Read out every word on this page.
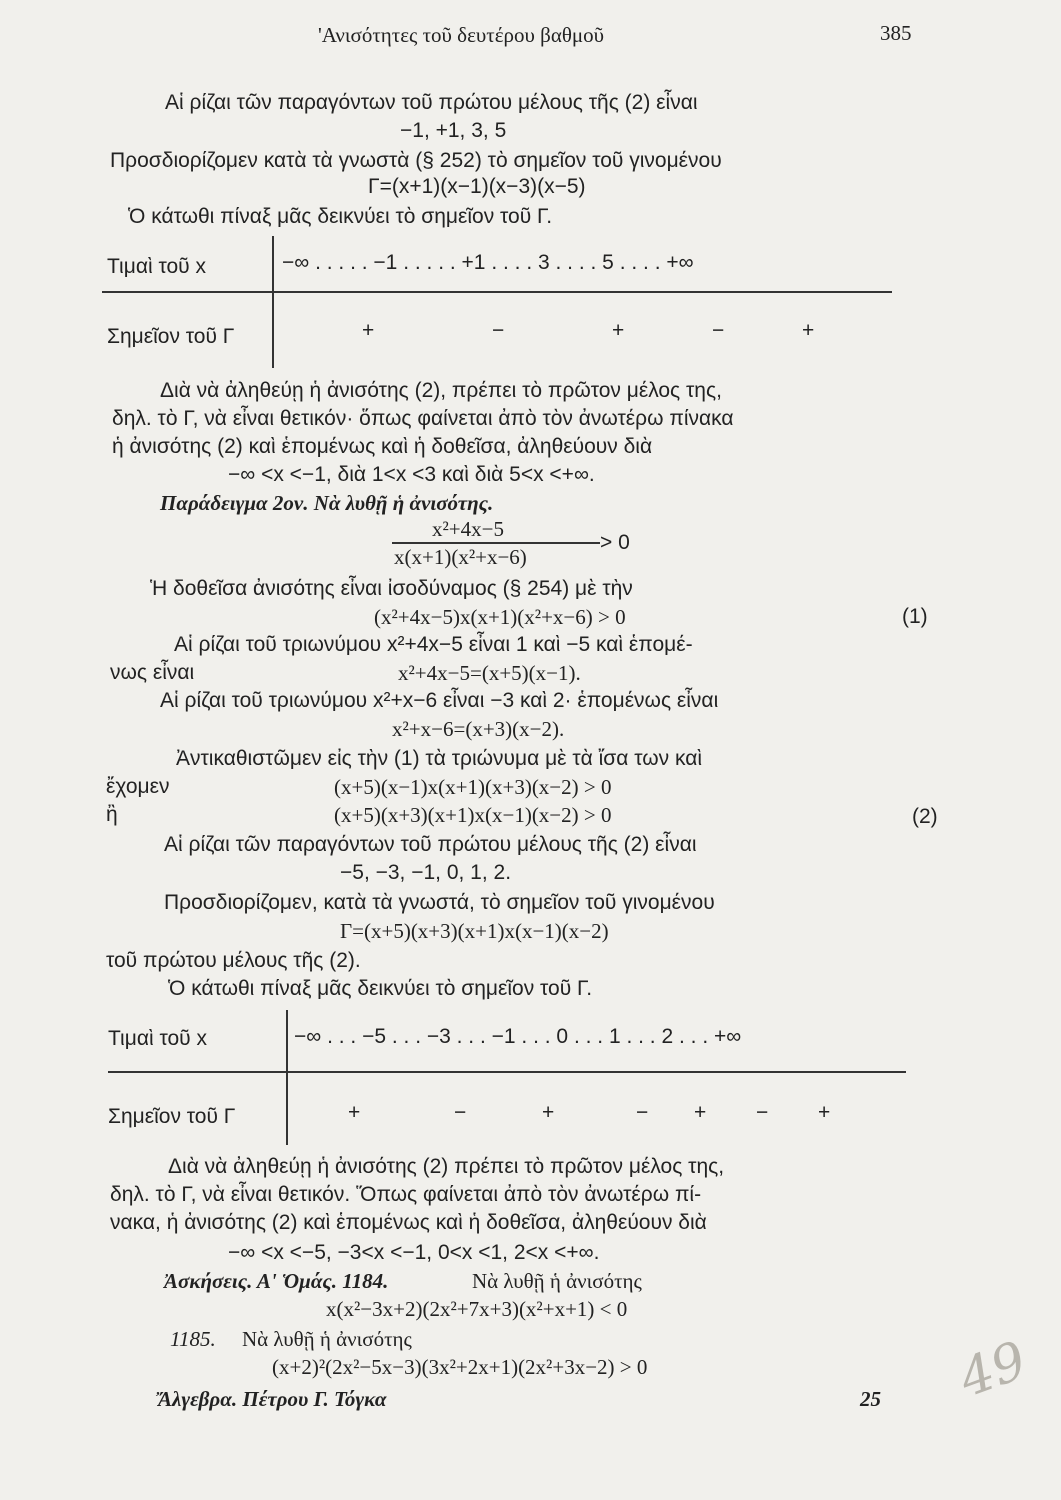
'Ανισότητες τοῦ δευτέρου βαθμοῦ	385
Αἱ ρίζαι τῶν παραγόντων τοῦ πρώτου μέλους τῆς (2) εἶναι
−1, +1, 3, 5
Προσδιορίζομεν κατὰ τὰ γνωστὰ (§ 252) τὸ σημεῖον τοῦ γινομένου
Γ=(x+1)(x−1)(x−3)(x−5)
Ὁ κάτωθι πίναξ μᾶς δεικνύει τὸ σημεῖον τοῦ Γ.
Τιμαὶ τοῦ x	−∞ . . . . . −1 . . . . . +1 . . . . 3 . . . . 5 . . . . +∞
Σημεῖον τοῦ Γ	+	−	+	−	+
Διὰ νὰ ἀληθεύῃ ἡ ἀνισότης (2), πρέπει τὸ πρῶτον μέλος της,
δηλ. τὸ Γ, νὰ εἶναι θετικόν· ὅπως φαίνεται ἀπὸ τὸν ἀνωτέρω πίνακα
ἡ ἀνισότης (2) καὶ ἑπομένως καὶ ἡ δοθεῖσα, ἀληθεύουν διὰ
−∞ <x <−1, διὰ 1<x <3 καὶ διὰ 5<x <+∞.
Παράδειγμα 2ον. Νὰ λυθῇ ἡ ἀνισότης.
x²+4x−5
x(x+1)(x²+x−6)
> 0
Ἡ δοθεῖσα ἀνισότης εἶναι ἰσοδύναμος (§ 254) μὲ τὴν
(x²+4x−5)x(x+1)(x²+x−6) > 0	(1)
Αἱ ρίζαι τοῦ τριωνύμου x²+4x−5 εἶναι 1 καὶ −5 καὶ ἑπομέ-
νως εἶναι	x²+4x−5=(x+5)(x−1).
Αἱ ρίζαι τοῦ τριωνύμου x²+x−6 εἶναι −3 καὶ 2· ἑπομένως εἶναι
x²+x−6=(x+3)(x−2).
Ἀντικαθιστῶμεν εἰς τὴν (1) τὰ τριώνυμα μὲ τὰ ἴσα των καὶ
ἔχομεν	(x+5)(x−1)x(x+1)(x+3)(x−2) > 0
ἢ	(x+5)(x+3)(x+1)x(x−1)(x−2) > 0	(2)
Αἱ ρίζαι τῶν παραγόντων τοῦ πρώτου μέλους τῆς (2) εἶναι
−5, −3, −1, 0, 1, 2.
Προσδιορίζομεν, κατὰ τὰ γνωστά, τὸ σημεῖον τοῦ γινομένου
Γ=(x+5)(x+3)(x+1)x(x−1)(x−2)
τοῦ πρώτου μέλους τῆς (2).
Ὁ κάτωθι πίναξ μᾶς δεικνύει τὸ σημεῖον τοῦ Γ.
Τιμαὶ τοῦ x	−∞ . . . −5 . . . −3 . . . −1 . . . 0 . . . 1 . . . 2 . . . +∞
Σημεῖον τοῦ Γ	+	−	+	− + − +
Διὰ νὰ ἀληθεύῃ ἡ ἀνισότης (2) πρέπει τὸ πρῶτον μέλος της,
δηλ. τὸ Γ, νὰ εἶναι θετικόν. Ὅπως φαίνεται ἀπὸ τὸν ἀνωτέρω πί-
νακα, ἡ ἀνισότης (2) καὶ ἑπομένως καὶ ἡ δοθεῖσα, ἀληθεύουν διὰ
−∞ <x <−5, −3<x <−1, 0<x <1, 2<x <+∞.
Ἀσκήσεις. Α' Ὁμάς. 1184.	Νὰ λυθῇ ἡ ἀνισότης
x(x²−3x+2)(2x²+7x+3)(x²+x+1) < 0
1185. Νὰ λυθῇ ἡ ἀνισότης
(x+2)²(2x²−5x−3)(3x²+2x+1)(2x²+3x−2) > 0
Ἄλγεβρα. Πέτρου Γ. Τόγκα	25 49
